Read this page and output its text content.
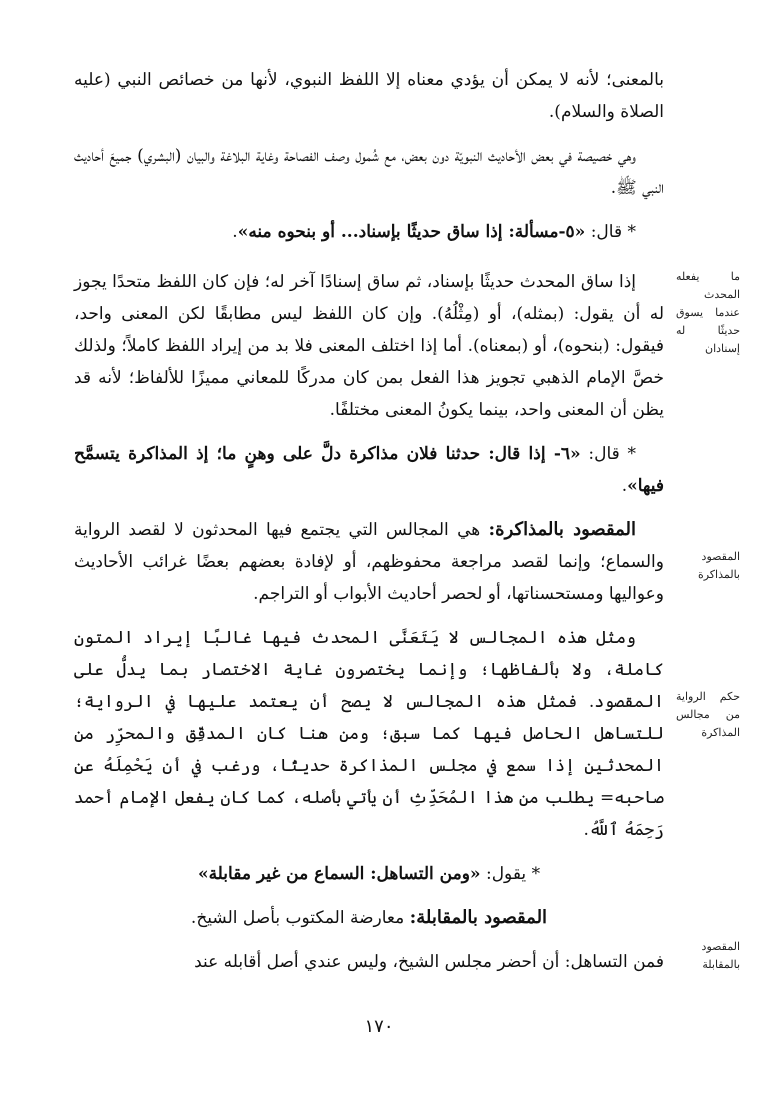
بالمعنى؛ لأنه لا يمكن أن يؤدي معناه إلا اللفظ النبوي، لأنها من خصائص النبي (عليه الصلاة والسلام).

وهي خصيصة في بعض الأحاديث النبويّة دون بعض، مع شُمول وصف الفصاحة وغاية البلاغة والبيان (البشري) جميعَ أحاديث النبي ﷺ.

* قال: «٥-مسألة: إذا ساق حديثًا بإسناد... أو بنحوه منه».

إذا ساق المحدث حديثًا بإسناد، ثم ساق إسنادًا آخر له؛ فإن كان اللفظ متحدًا يجوز له أن يقول: (بمثله)، أو (مِثْلُهُ). وإن كان اللفظ ليس مطابقًا لكن المعنى واحد، فيقول: (بنحوه)، أو (بمعناه). أما إذا اختلف المعنى فلا بد من إيراد اللفظ كاملاً؛ ولذلك خصَّ الإمام الذهبي تجويز هذا الفعل بمن كان مدركًا للمعاني مميزًا للألفاظ؛ لأنه قد يظن أن المعنى واحد، بينما يكونُ المعنى مختلفًا.

* قال: «٦- إذا قال: حدثنا فلان مذاكرة دلَّ على وهنٍ ما؛ إذ المذاكرة يتسمَّح فيها».

المقصود بالمذاكرة: هي المجالس التي يجتمع فيها المحدثون لا لقصد الرواية والسماع؛ وإنما لقصد مراجعة محفوظهم، أو لإفادة بعضهم بعضًا غرائب الأحاديث وعواليها ومستحسناتها، أو لحصر أحاديث الأبواب أو التراجم.

ومثل هذه المجالس لا يَتَعَنَّى المحدث فيها غالبًا إيراد المتون كاملة، ولا بألفاظها؛ وإنما يختصرون غاية الاختصار بما يدلُّ على المقصود. فمثل هذه المجالس لا يصح أن يعتمد عليها في الرواية؛ للتساهل الحاصل فيها كما سبق؛ ومن هنا كان المدقِّق والمحرِّر من المحدثين إذا سمع في مجلس المذاكرة حديثًا، ورغب في أن يَحْمِلَهُ عن صاحبه= يطلب من هذا المُحَدِّثِ أن يأتي بأصله، كما كان يفعل الإمام أحمد رَحِمَهُ ٱللَّهُ.

* يقول: «ومن التساهل: السماع من غير مقابلة»

المقصود بالمقابلة: معارضة المكتوب بأصل الشيخ.

فمن التساهل: أن أحضر مجلس الشيخ، وليس عندي أصل أقابله عند

ما يفعله المحدث عندما يسوق حديثًا له إسنادان
المقصود بالمذاكرة
حكم الرواية من مجالس المذاكرة
المقصود بالمقابلة
١٧٠
